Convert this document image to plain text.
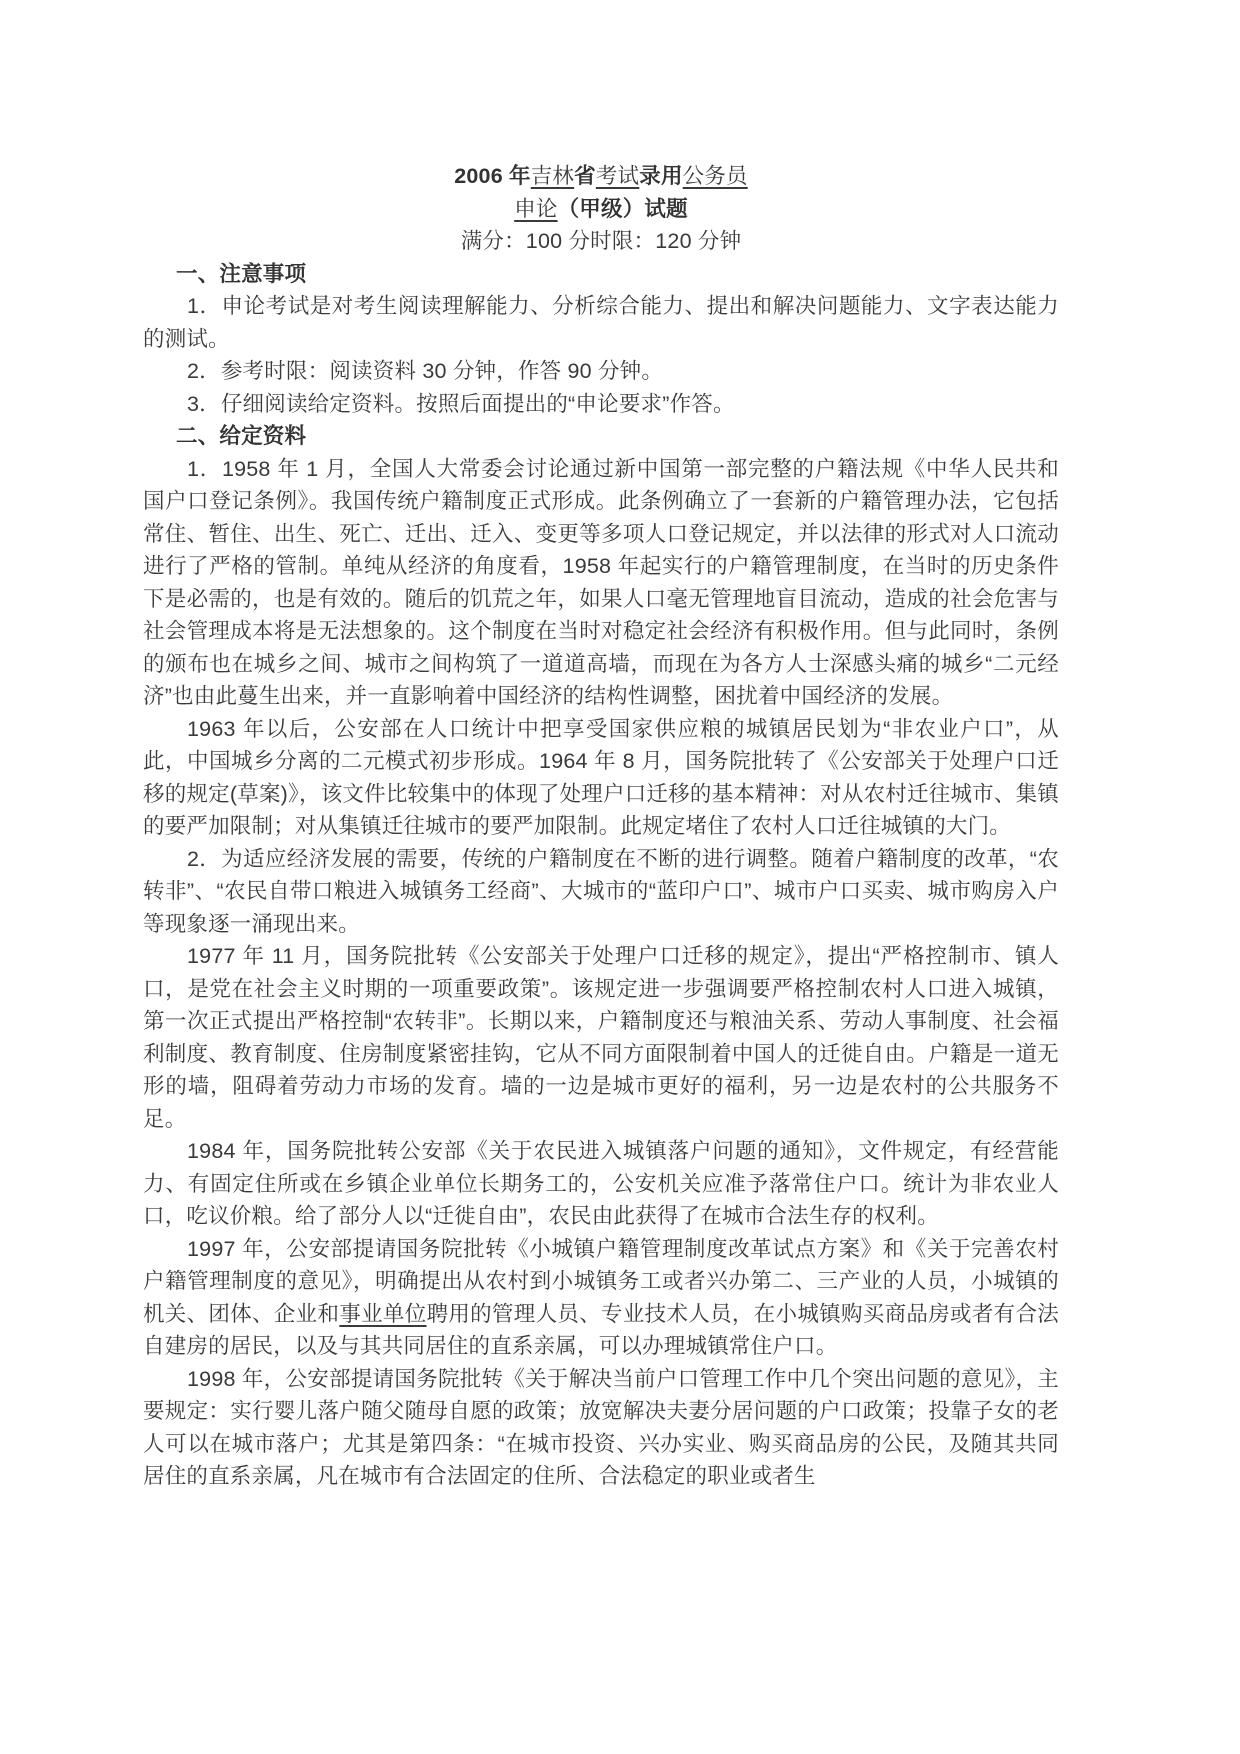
2006 年吉林省考试录用公务员
申论（甲级）试题
满分：100 分时限：120 分钟
一、注意事项

1．申论考试是对考生阅读理解能力、分析综合能力、提出和解决问题能力、文字表达能力的测试。

2．参考时限：阅读资料 30 分钟，作答 90 分钟。

3．仔细阅读给定资料。按照后面提出的“申论要求”作答。

二、给定资料

1．1958 年 1 月，全国人大常委会讨论通过新中国第一部完整的户籍法规《中华人民共和国户口登记条例》。我国传统户籍制度正式形成。此条例确立了一套新的户籍管理办法，它包括常住、暂住、出生、死亡、迁出、迁入、变更等多项人口登记规定，并以法律的形式对人口流动进行了严格的管制。单纯从经济的角度看，1958 年起实行的户籍管理制度，在当时的历史条件下是必需的，也是有效的。随后的饥荒之年，如果人口毫无管理地盲目流动，造成的社会危害与社会管理成本将是无法想象的。这个制度在当时对稳定社会经济有积极作用。但与此同时，条例的颁布也在城乡之间、城市之间构筑了一道道高墙，而现在为各方人士深感头痛的城乡“二元经济”也由此蔓生出来，并一直影响着中国经济的结构性调整，困扰着中国经济的发展。

1963 年以后，公安部在人口统计中把享受国家供应粮的城镇居民划为“非农业户口”，从此，中国城乡分离的二元模式初步形成。1964 年 8 月，国务院批转了《公安部关于处理户口迁移的规定(草案)》，该文件比较集中的体现了处理户口迁移的基本精神：对从农村迁往城市、集镇的要严加限制；对从集镇迁往城市的要严加限制。此规定堵住了农村人口迁往城镇的大门。

2．为适应经济发展的需要，传统的户籍制度在不断的进行调整。随着户籍制度的改革，“农转非”、“农民自带口粮进入城镇务工经商”、大城市的“蓝印户口”、城市户口买卖、城市购房入户等现象逐一涌现出来。

1977 年 11 月，国务院批转《公安部关于处理户口迁移的规定》，提出“严格控制市、镇人口，是党在社会主义时期的一项重要政策”。该规定进一步强调要严格控制农村人口进入城镇，第一次正式提出严格控制“农转非”。长期以来，户籍制度还与粮油关系、劳动人事制度、社会福利制度、教育制度、住房制度紧密挂钩，它从不同方面限制着中国人的迁徙自由。户籍是一道无形的墙，阻碍着劳动力市场的发育。墙的一边是城市更好的福利，另一边是农村的公共服务不足。

1984 年，国务院批转公安部《关于农民进入城镇落户问题的通知》，文件规定，有经营能力、有固定住所或在乡镇企业单位长期务工的，公安机关应准予落常住户口。统计为非农业人口，吃议价粮。给了部分人以“迁徙自由”，农民由此获得了在城市合法生存的权利。

1997 年，公安部提请国务院批转《小城镇户籍管理制度改革试点方案》和《关于完善农村户籍管理制度的意见》，明确提出从农村到小城镇务工或者兴办第二、三产业的人员，小城镇的机关、团体、企业和事业单位聘用的管理人员、专业技术人员，在小城镇购买商品房或者有合法自建房的居民，以及与其共同居住的直系亲属，可以办理城镇常住户口。

1998 年，公安部提请国务院批转《关于解决当前户口管理工作中几个突出问题的意见》，主要规定：实行婴儿落户随父随母自愿的政策；放宽解决夫妻分居问题的户口政策；投靠子女的老人可以在城市落户；尤其是第四条：“在城市投资、兴办实业、购买商品房的公民，及随其共同居住的直系亲属，凡在城市有合法固定的住所、合法稳定的职业或者生
